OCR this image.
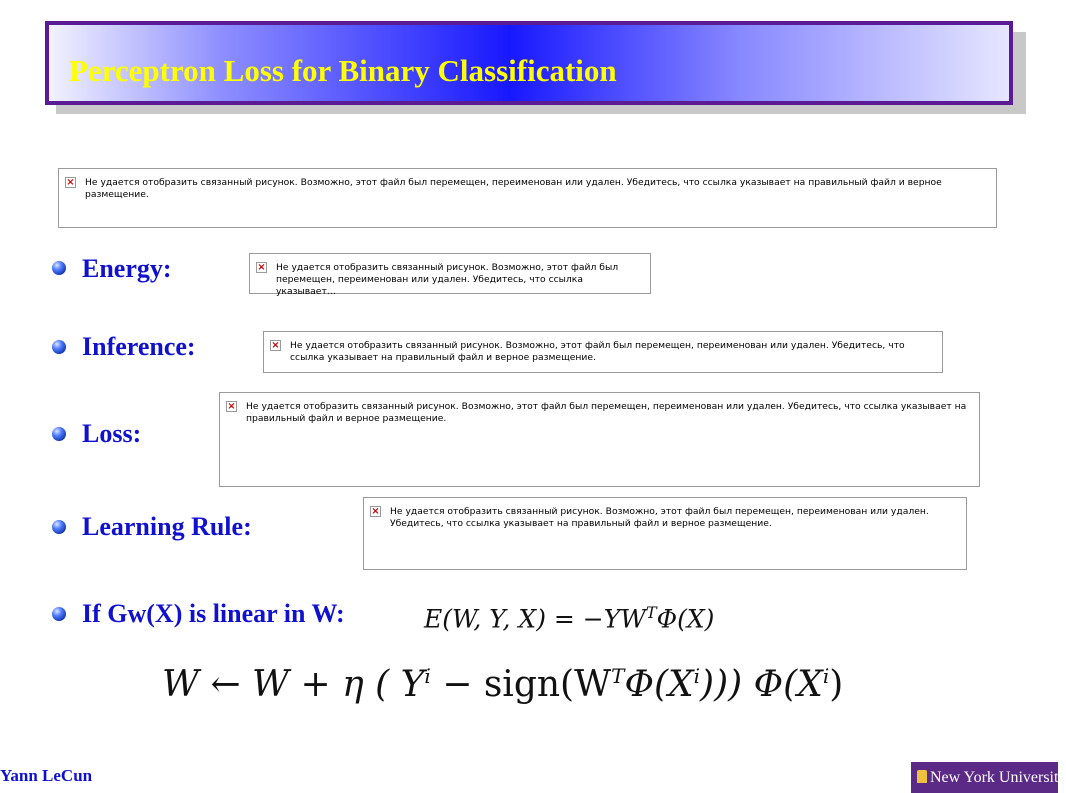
Perceptron Loss for Binary Classification
× Не удается отобразить связанный рисунок. Возможно, этот файл был перемещен, переименован или удален. Убедитесь, что ссылка указывает на правильный файл и верное размещение.
Energy:	× Не удается отобразить связанный рисунок. Возможно, этот файл был перемещен, переименован или удален. Убедитесь, что ссылка указывает…
Inference:	× Не удается отобразить связанный рисунок. Возможно, этот файл был перемещен, переименован или удален. Убедитесь, что ссылка указывает на правильный файл и верное размещение.
Loss:
× Не удается отобразить связанный рисунок. Возможно, этот файл был перемещен, переименован или удален. Убедитесь, что ссылка указывает на правильный файл и верное размещение.
Learning Rule:
× Не удается отобразить связанный рисунок. Возможно, этот файл был перемещен, переименован или удален. Убедитесь, что ссылка указывает на правильный файл и верное размещение.
If Gw(X) is linear in W:	E(W, Y, $X) = -YW^T\Phi(X)$
W ← W + η ( $Y^i$ − $sign(W^T\Phi(X^i))$) $\Phi(X^i)$
Yann LeCun	New York University
